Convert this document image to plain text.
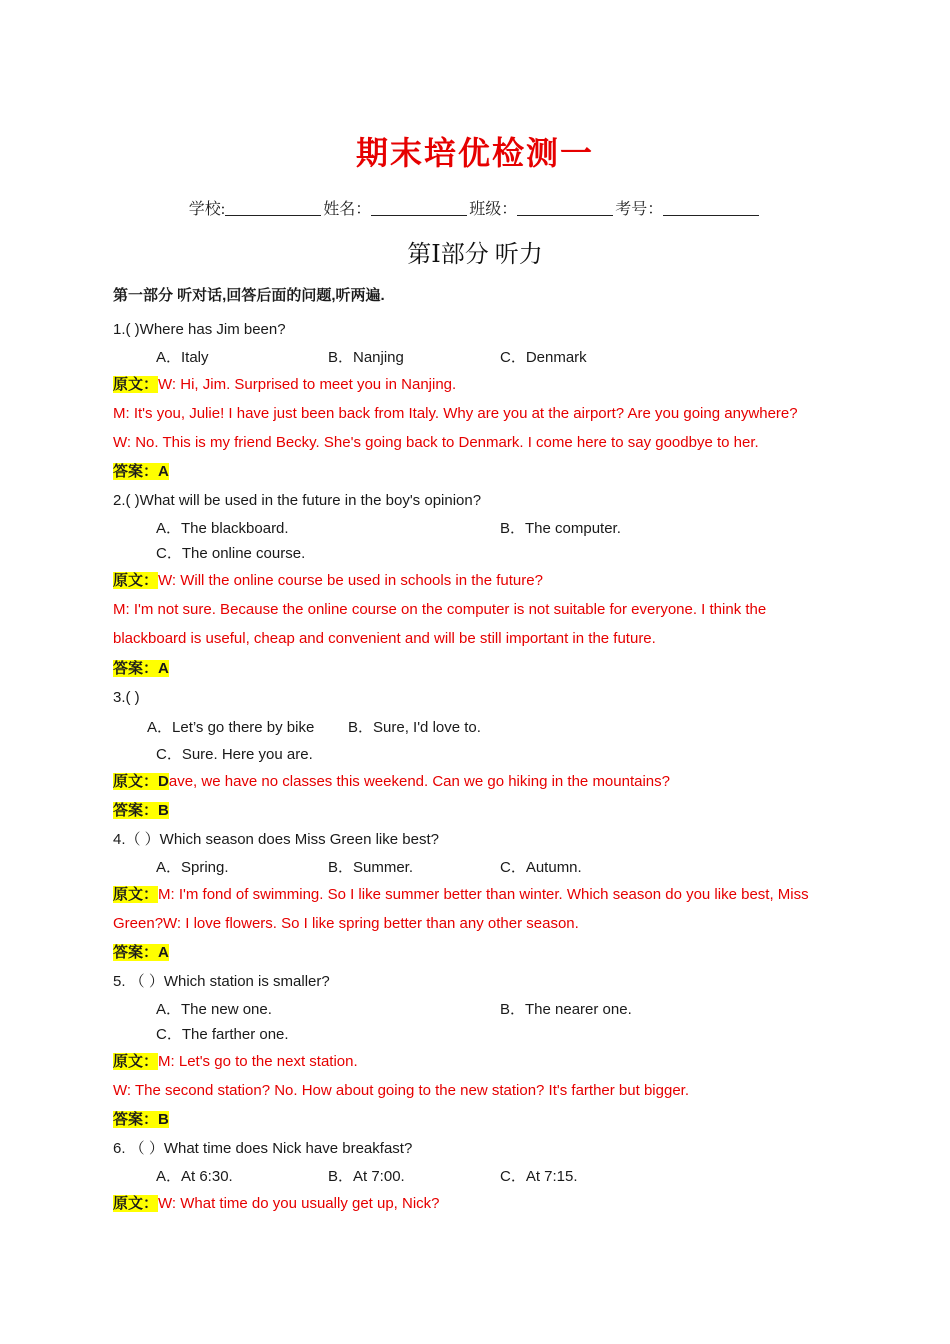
期末培优检测一
学校:	姓名：	班级：	考号：
第Ⅰ部分 听力
第一部分 听对话,回答后面的问题,听两遍.
1.( )Where has Jim been?
A．Italy	B．Nanjing	C．Denmark
原文：W: Hi, Jim. Surprised to meet you in Nanjing.
M: It's you, Julie! I have just been back from Italy. Why are you at the airport? Are you going anywhere?
W: No. This is my friend Becky. She's going back to Denmark. I come here to say goodbye to her.
答案：A
2.( )What will be used in the future in the boy's opinion?
A．The blackboard.	B．The computer.
C．The online course.
原文：W: Will the online course be used in schools in the future?
M: I'm not sure. Because the online course on the computer is not suitable for everyone. I think the
blackboard is useful, cheap and convenient and will be still important in the future.
答案：A
3.( )
A．Let’s go there by bike B．Sure, I'd love to.
C．Sure. Here you are.
原文：Dave, we have no classes this weekend. Can we go hiking in the mountains?
答案：B
4.（ ）Which season does Miss Green like best?
A．Spring.	B．Summer.	C．Autumn.
原文：M: I'm fond of swimming. So I like summer better than winter. Which season do you like best, Miss
Green?W: I love flowers. So I like spring better than any other season.
答案：A
5. （ ）Which station is smaller?
A．The new one.	B．The nearer one.
C．The farther one.
原文：M: Let's go to the next station.
W: The second station? No. How about going to the new station? It's farther but bigger.
答案：B
6. （ ）What time does Nick have breakfast?
A．At 6:30.	B．At 7:00.	C．At 7:15.
原文：W: What time do you usually get up, Nick?
